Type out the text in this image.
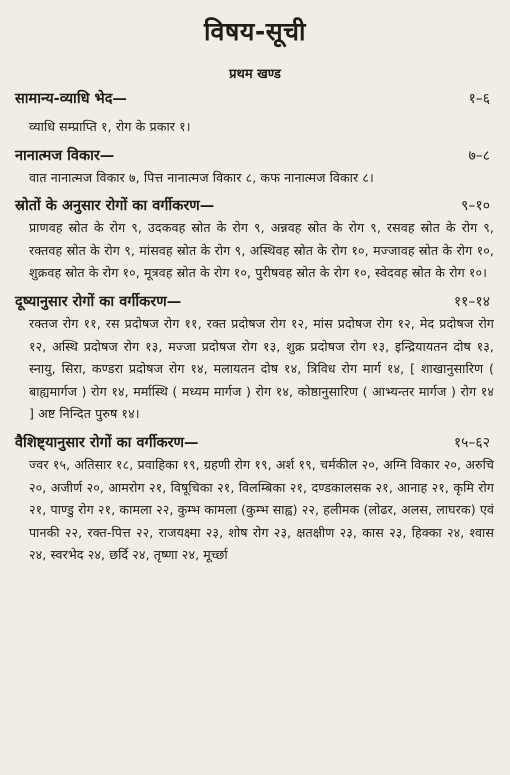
विषय-सूची
प्रथम खण्ड
सामान्य-व्याधि भेद—	१–६
व्याधि सम्प्राप्ति १, रोग के प्रकार १।
नानात्मज विकार—	७–८
वात नानात्मज विकार ७, पित्त नानात्मज विकार ८, कफ नानात्मज विकार ८।
स्रोतों के अनुसार रोगों का वर्गीकरण—	९–१०
प्राणवह स्रोत के रोग ९, उदकवह स्रोत के रोग ९, अन्नवह स्रोत के रोग ९, रसवह स्रोत के रोग ९, रक्तवह स्रोत के रोग ९, मांसवह स्रोत के रोग ९, अस्थिवह स्रोत के रोग १०, मज्जावह स्रोत के रोग १०, शुक्रवह स्रोत के रोग १०, मूत्रवह स्रोत के रोग १०, पुरीषवह स्रोत के रोग १०, स्वेदवह स्रोत के रोग १०।
दूष्यानुसार रोगों का वर्गीकरण—	११–१४
रक्तज रोग ११, रस प्रदोषज रोग ११, रक्त प्रदोषज रोग १२, मांस प्रदोषज रोग १२, मेद प्रदोषज रोग १२, अस्थि प्रदोषज रोग १३, मज्जा प्रदोषज रोग १३, शुक्र प्रदोषज रोग १३, इन्द्रियायतन दोष १३, स्नायु, सिरा, कण्डरा प्रदोषज रोग १४, मलायतन दोष १४, त्रिविध रोग मार्ग १४, [ शाखानुसारिण ( बाह्यमार्गज ) रोग १४, मर्मास्थि ( मध्यम मार्गज ) रोग १४, कोष्ठानुसारिण ( आभ्यन्तर मार्गज ) रोग १४ ] अष्ट निन्दित पुरुष १४।
वैशिष्ट्यानुसार रोगों का वर्गीकरण—	१५–६२
ज्वर १५, अतिसार १८, प्रवाहिका १९, ग्रहणी रोग १९, अर्श १९, चर्मकील २०, अग्नि विकार २०, अरुचि २०, अजीर्ण २०, आमरोग २१, विषूचिका २१, विलम्बिका २१, दण्डकालसक २१, आनाह २१, कृमि रोग २१, पाण्डु रोग २१, कामला २२, कुम्भ कामला (कुम्भ साह्व) २२, हलीमक (लोढर, अलस, लाघरक) एवं पानकी २२, रक्त-पित्त २२, राजयक्ष्मा २३, शोष रोग २३, क्षतक्षीण २३, कास २३, हिक्का २४, श्वास २४, स्वरभेद २४, छर्दि २४, तृष्णा २४, मूर्च्छा
